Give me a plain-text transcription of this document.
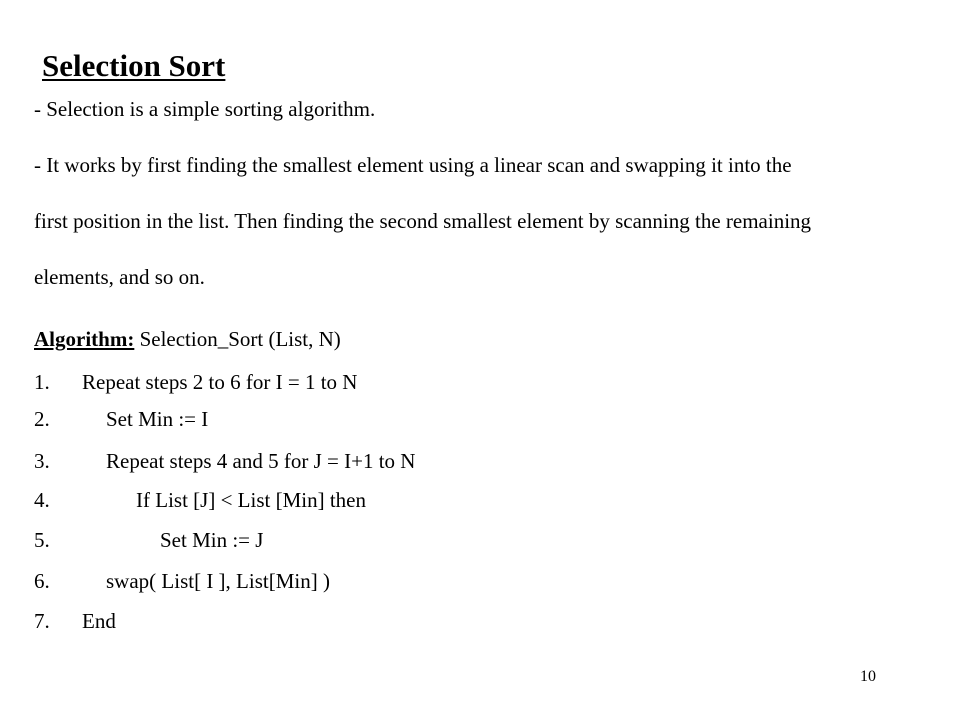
Selection Sort
- Selection is a simple sorting algorithm.
- It works by first finding the smallest element using a linear scan and swapping it into the
first position in the list. Then finding the second smallest element by scanning the remaining
elements, and so on.
Algorithm: Selection_Sort (List, N)
1. Repeat steps 2 to 6 for I = 1 to N
2.	Set Min := I
3.	Repeat steps 4 and 5 for J = I+1 to N
4.	If List [J] < List [Min] then
5.	Set Min := J
6.	swap( List[ I ], List[Min] )
7. End
10
